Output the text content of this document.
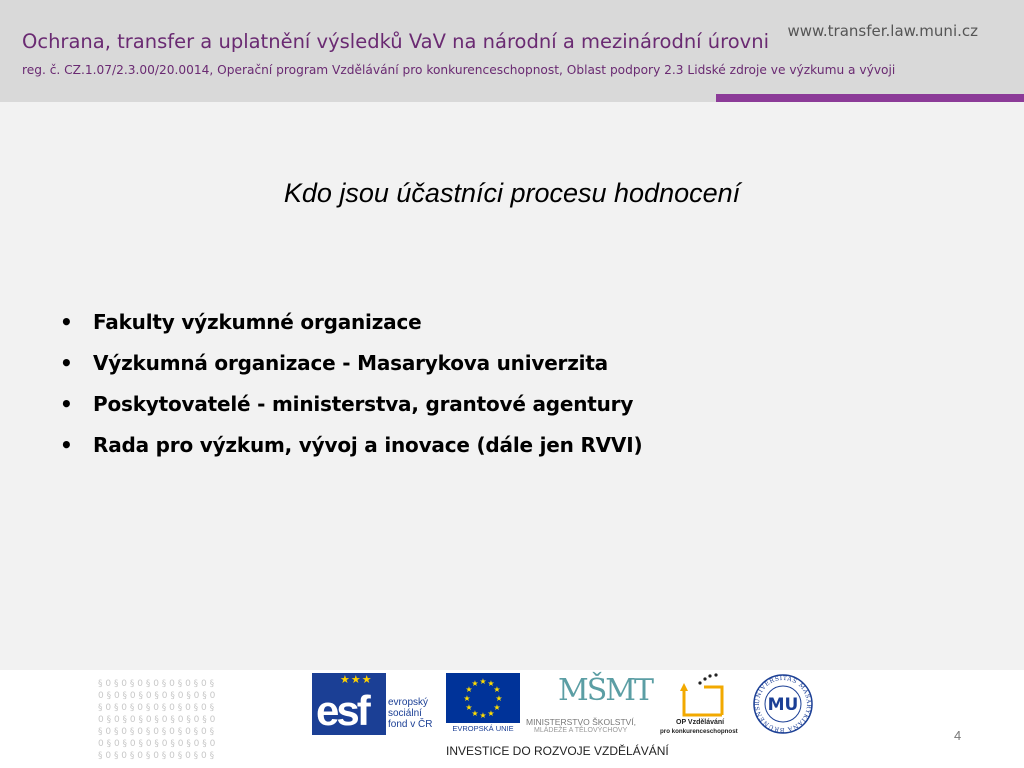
Ochrana, transfer a uplatnění výsledků VaV na národní a mezinárodní úrovni www.transfer.law.muni.cz
reg. č. CZ.1.07/2.3.00/20.0014, Operační program Vzdělávání pro konkurenceschopnost, Oblast podpory 2.3 Lidské zdroje ve výzkumu a vývoji
Kdo jsou účastníci procesu hodnocení
• Fakulty výzkumné organizace
• Výzkumná organizace - Masarykova univerzita
• Poskytovatelé - ministerstva, grantové agentury
• Rada pro výzkum, vývoj a inovace (dále jen RVVI)
§ 0 § 0 § 0 § 0 § 0 § 0 § 0 §
0 § 0 § 0 § 0 § 0 § 0 § 0 § 0
§ 0 § 0 § 0 § 0 § 0 § 0 § 0 §
0 § 0 § 0 § 0 § 0 § 0 § 0 § 0
§ 0 § 0 § 0 § 0 § 0 § 0 § 0 §
0 § 0 § 0 § 0 § 0 § 0 § 0 § 0
§ 0 § 0 § 0 § 0 § 0 § 0 § 0 §
★★★
esf evropský
sociální
fond v ČR
★ ★
★
★
★
★
★
★
★
★
★
★
EVROPSKÁ UNIE
MŠMT
MINISTERSTVO ŠKOLSTVÍ,
MLÁDEŽE A TĚLOVÝCHOVY
OP Vzdělávání
pro konkurenceschopnost
UNIVERSITAS MASARYKIANA BRUNENSI MU
INVESTICE DO ROZVOJE VZDĚLÁVÁNÍ
4
